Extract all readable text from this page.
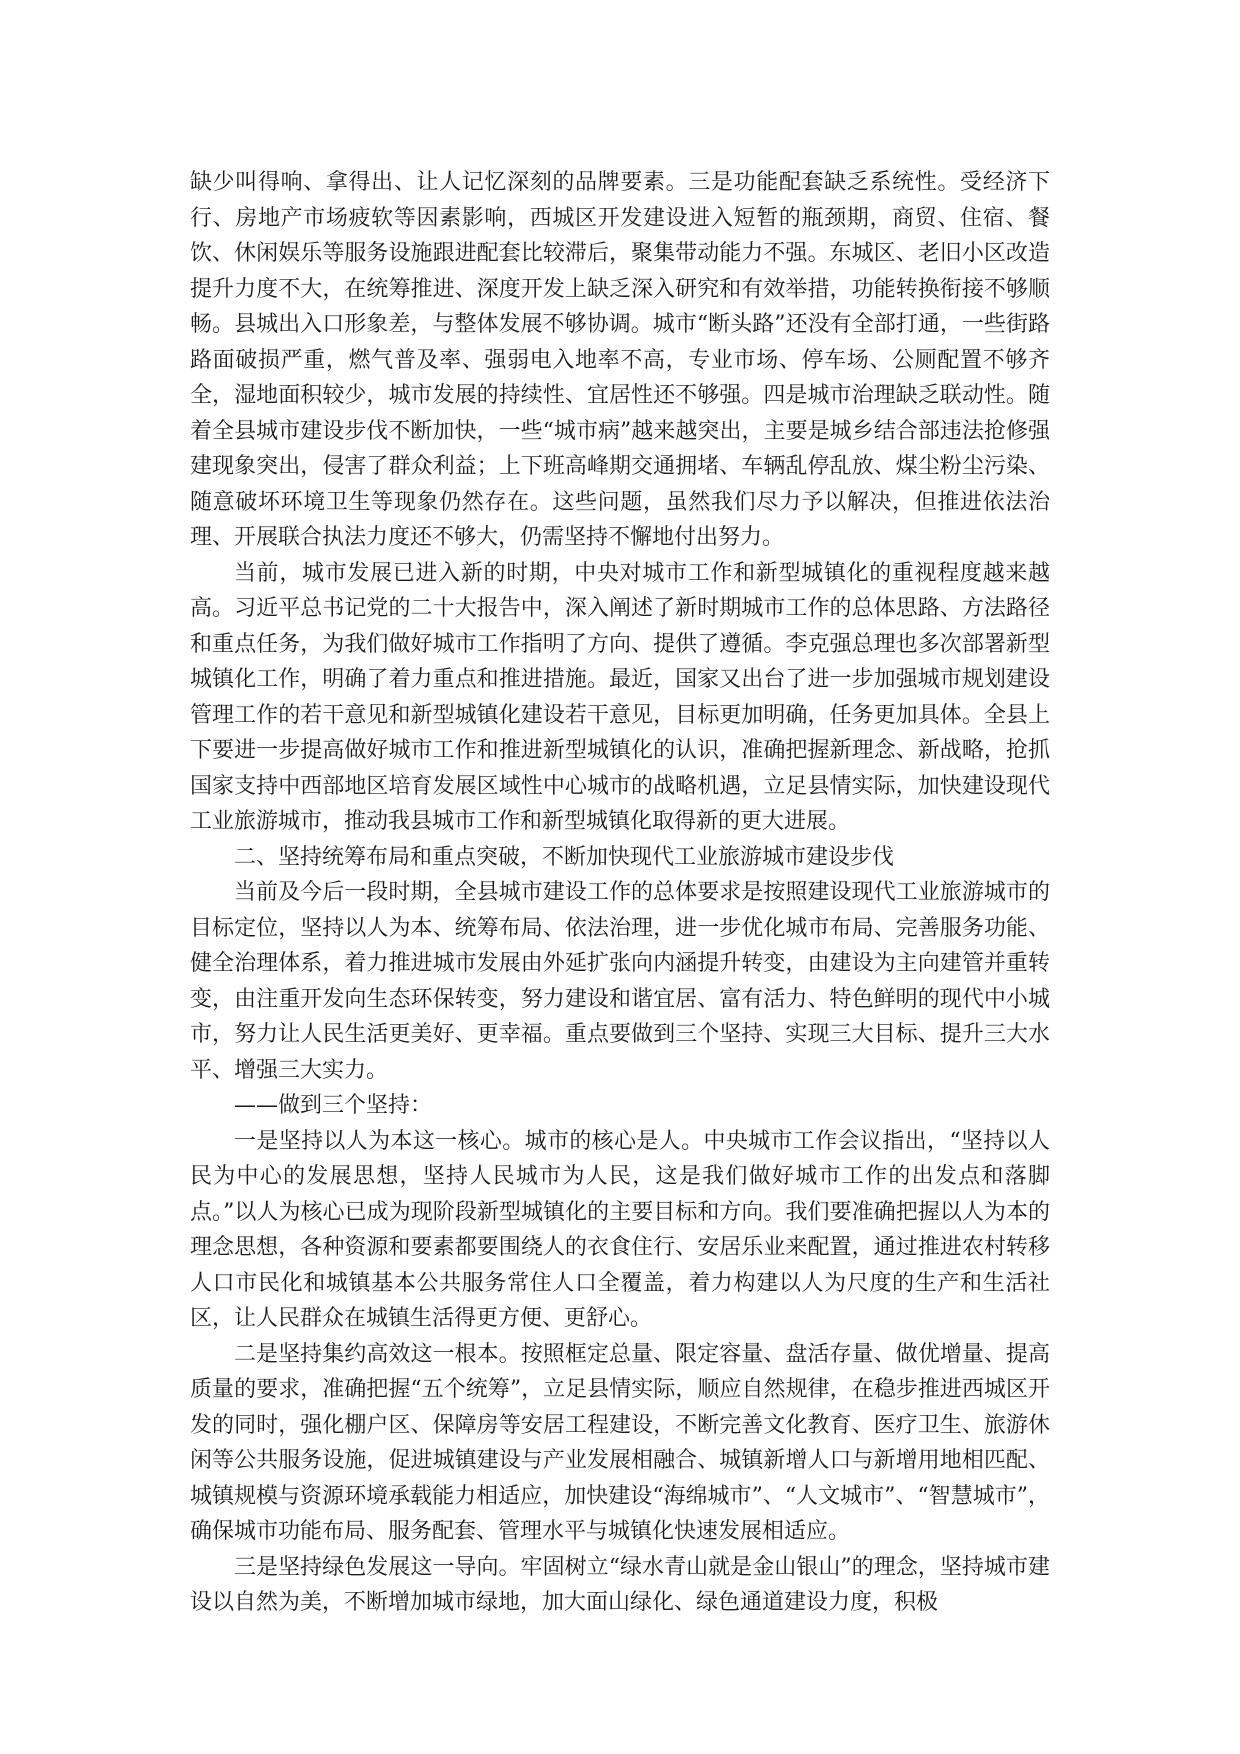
缺少叫得响、拿得出、让人记忆深刻的品牌要素。三是功能配套缺乏系统性。受经济下行、房地产市场疲软等因素影响，西城区开发建设进入短暂的瓶颈期，商贸、住宿、餐饮、休闲娱乐等服务设施跟进配套比较滞后，聚集带动能力不强。东城区、老旧小区改造提升力度不大，在统筹推进、深度开发上缺乏深入研究和有效举措，功能转换衔接不够顺畅。县城出入口形象差，与整体发展不够协调。城市“断头路”还没有全部打通，一些街路路面破损严重，燃气普及率、强弱电入地率不高，专业市场、停车场、公厕配置不够齐全，湿地面积较少，城市发展的持续性、宜居性还不够强。四是城市治理缺乏联动性。随着全县城市建设步伐不断加快，一些“城市病”越来越突出，主要是城乡结合部违法抢修强建现象突出，侵害了群众利益；上下班高峰期交通拥堵、车辆乱停乱放、煤尘粉尘污染、随意破坏环境卫生等现象仍然存在。这些问题，虽然我们尽力予以解决，但推进依法治理、开展联合执法力度还不够大，仍需坚持不懈地付出努力。

当前，城市发展已进入新的时期，中央对城市工作和新型城镇化的重视程度越来越高。习近平总书记党的二十大报告中，深入阐述了新时期城市工作的总体思路、方法路径和重点任务，为我们做好城市工作指明了方向、提供了遵循。李克强总理也多次部署新型城镇化工作，明确了着力重点和推进措施。最近，国家又出台了进一步加强城市规划建设管理工作的若干意见和新型城镇化建设若干意见，目标更加明确，任务更加具体。全县上下要进一步提高做好城市工作和推进新型城镇化的认识，准确把握新理念、新战略，抢抓国家支持中西部地区培育发展区域性中心城市的战略机遇，立足县情实际，加快建设现代工业旅游城市，推动我县城市工作和新型城镇化取得新的更大进展。

二、坚持统筹布局和重点突破，不断加快现代工业旅游城市建设步伐

当前及今后一段时期，全县城市建设工作的总体要求是按照建设现代工业旅游城市的目标定位，坚持以人为本、统筹布局、依法治理，进一步优化城市布局、完善服务功能、健全治理体系，着力推进城市发展由外延扩张向内涵提升转变，由建设为主向建管并重转变，由注重开发向生态环保转变，努力建设和谐宜居、富有活力、特色鲜明的现代中小城市，努力让人民生活更美好、更幸福。重点要做到三个坚持、实现三大目标、提升三大水平、增强三大实力。

——做到三个坚持：

一是坚持以人为本这一核心。城市的核心是人。中央城市工作会议指出，“坚持以人民为中心的发展思想，坚持人民城市为人民，这是我们做好城市工作的出发点和落脚点。”以人为核心已成为现阶段新型城镇化的主要目标和方向。我们要准确把握以人为本的理念思想，各种资源和要素都要围绕人的衣食住行、安居乐业来配置，通过推进农村转移人口市民化和城镇基本公共服务常住人口全覆盖，着力构建以人为尺度的生产和生活社区，让人民群众在城镇生活得更方便、更舒心。

二是坚持集约高效这一根本。按照框定总量、限定容量、盘活存量、做优增量、提高质量的要求，准确把握“五个统筹”，立足县情实际，顺应自然规律，在稳步推进西城区开发的同时，强化棚户区、保障房等安居工程建设，不断完善文化教育、医疗卫生、旅游休闲等公共服务设施，促进城镇建设与产业发展相融合、城镇新增人口与新增用地相匹配、城镇规模与资源环境承载能力相适应，加快建设“海绵城市”、“人文城市”、“智慧城市”，确保城市功能布局、服务配套、管理水平与城镇化快速发展相适应。

三是坚持绿色发展这一导向。牢固树立“绿水青山就是金山银山”的理念，坚持城市建设以自然为美，不断增加城市绿地，加大面山绿化、绿色通道建设力度，积极
